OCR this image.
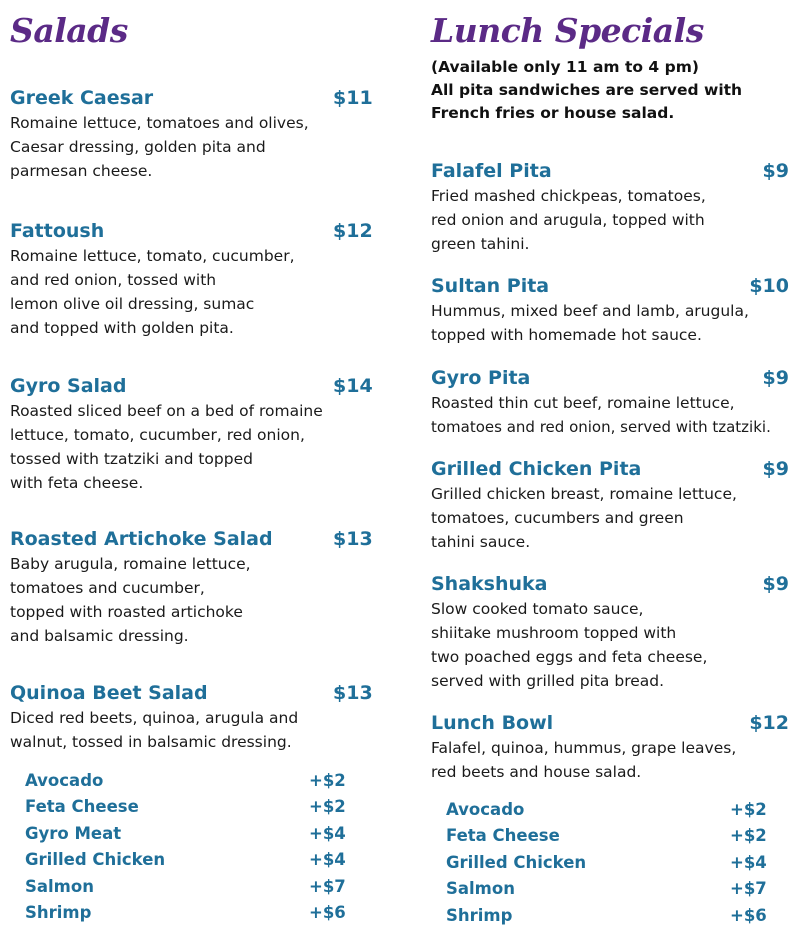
Salads
Greek Caesar	$11

Romaine lettuce, tomatoes and olives,
Caesar dressing, golden pita and
parmesan cheese.

Fattoush	$12

Romaine lettuce, tomato, cucumber,
and red onion, tossed with
lemon olive oil dressing, sumac
and topped with golden pita.

Gyro Salad	$14

Roasted sliced beef on a bed of romaine
lettuce, tomato, cucumber, red onion,
tossed with tzatziki and topped
with feta cheese.

Roasted Artichoke Salad	$13

Baby arugula, romaine lettuce,
tomatoes and cucumber,
topped with roasted artichoke
and balsamic dressing.

Quinoa Beet Salad	$13

Diced red beets, quinoa, arugula and
walnut, tossed in balsamic dressing.

Avocado	+$2
Feta Cheese	+$2
Gyro Meat	+$4
Grilled Chicken	+$4
Salmon	+$7
Shrimp	+$6
Lunch Specials
(Available only 11 am to 4 pm)
All pita sandwiches are served with
French fries or house salad.
Falafel Pita	$9

Fried mashed chickpeas, tomatoes,
red onion and arugula, topped with
green tahini.

Sultan Pita	$10

Hummus, mixed beef and lamb, arugula,
topped with homemade hot sauce.

Gyro Pita	$9

Roasted thin cut beef, romaine lettuce,
tomatoes and red onion, served with tzatziki.

Grilled Chicken Pita	$9

Grilled chicken breast, romaine lettuce,
tomatoes, cucumbers and green
tahini sauce.

Shakshuka	$9

Slow cooked tomato sauce,
shiitake mushroom topped with
two poached eggs and feta cheese,
served with grilled pita bread.

Lunch Bowl	$12

Falafel, quinoa, hummus, grape leaves,
red beets and house salad.

Avocado	+$2
Feta Cheese	+$2
Grilled Chicken	+$4
Salmon	+$7
Shrimp	+$6
